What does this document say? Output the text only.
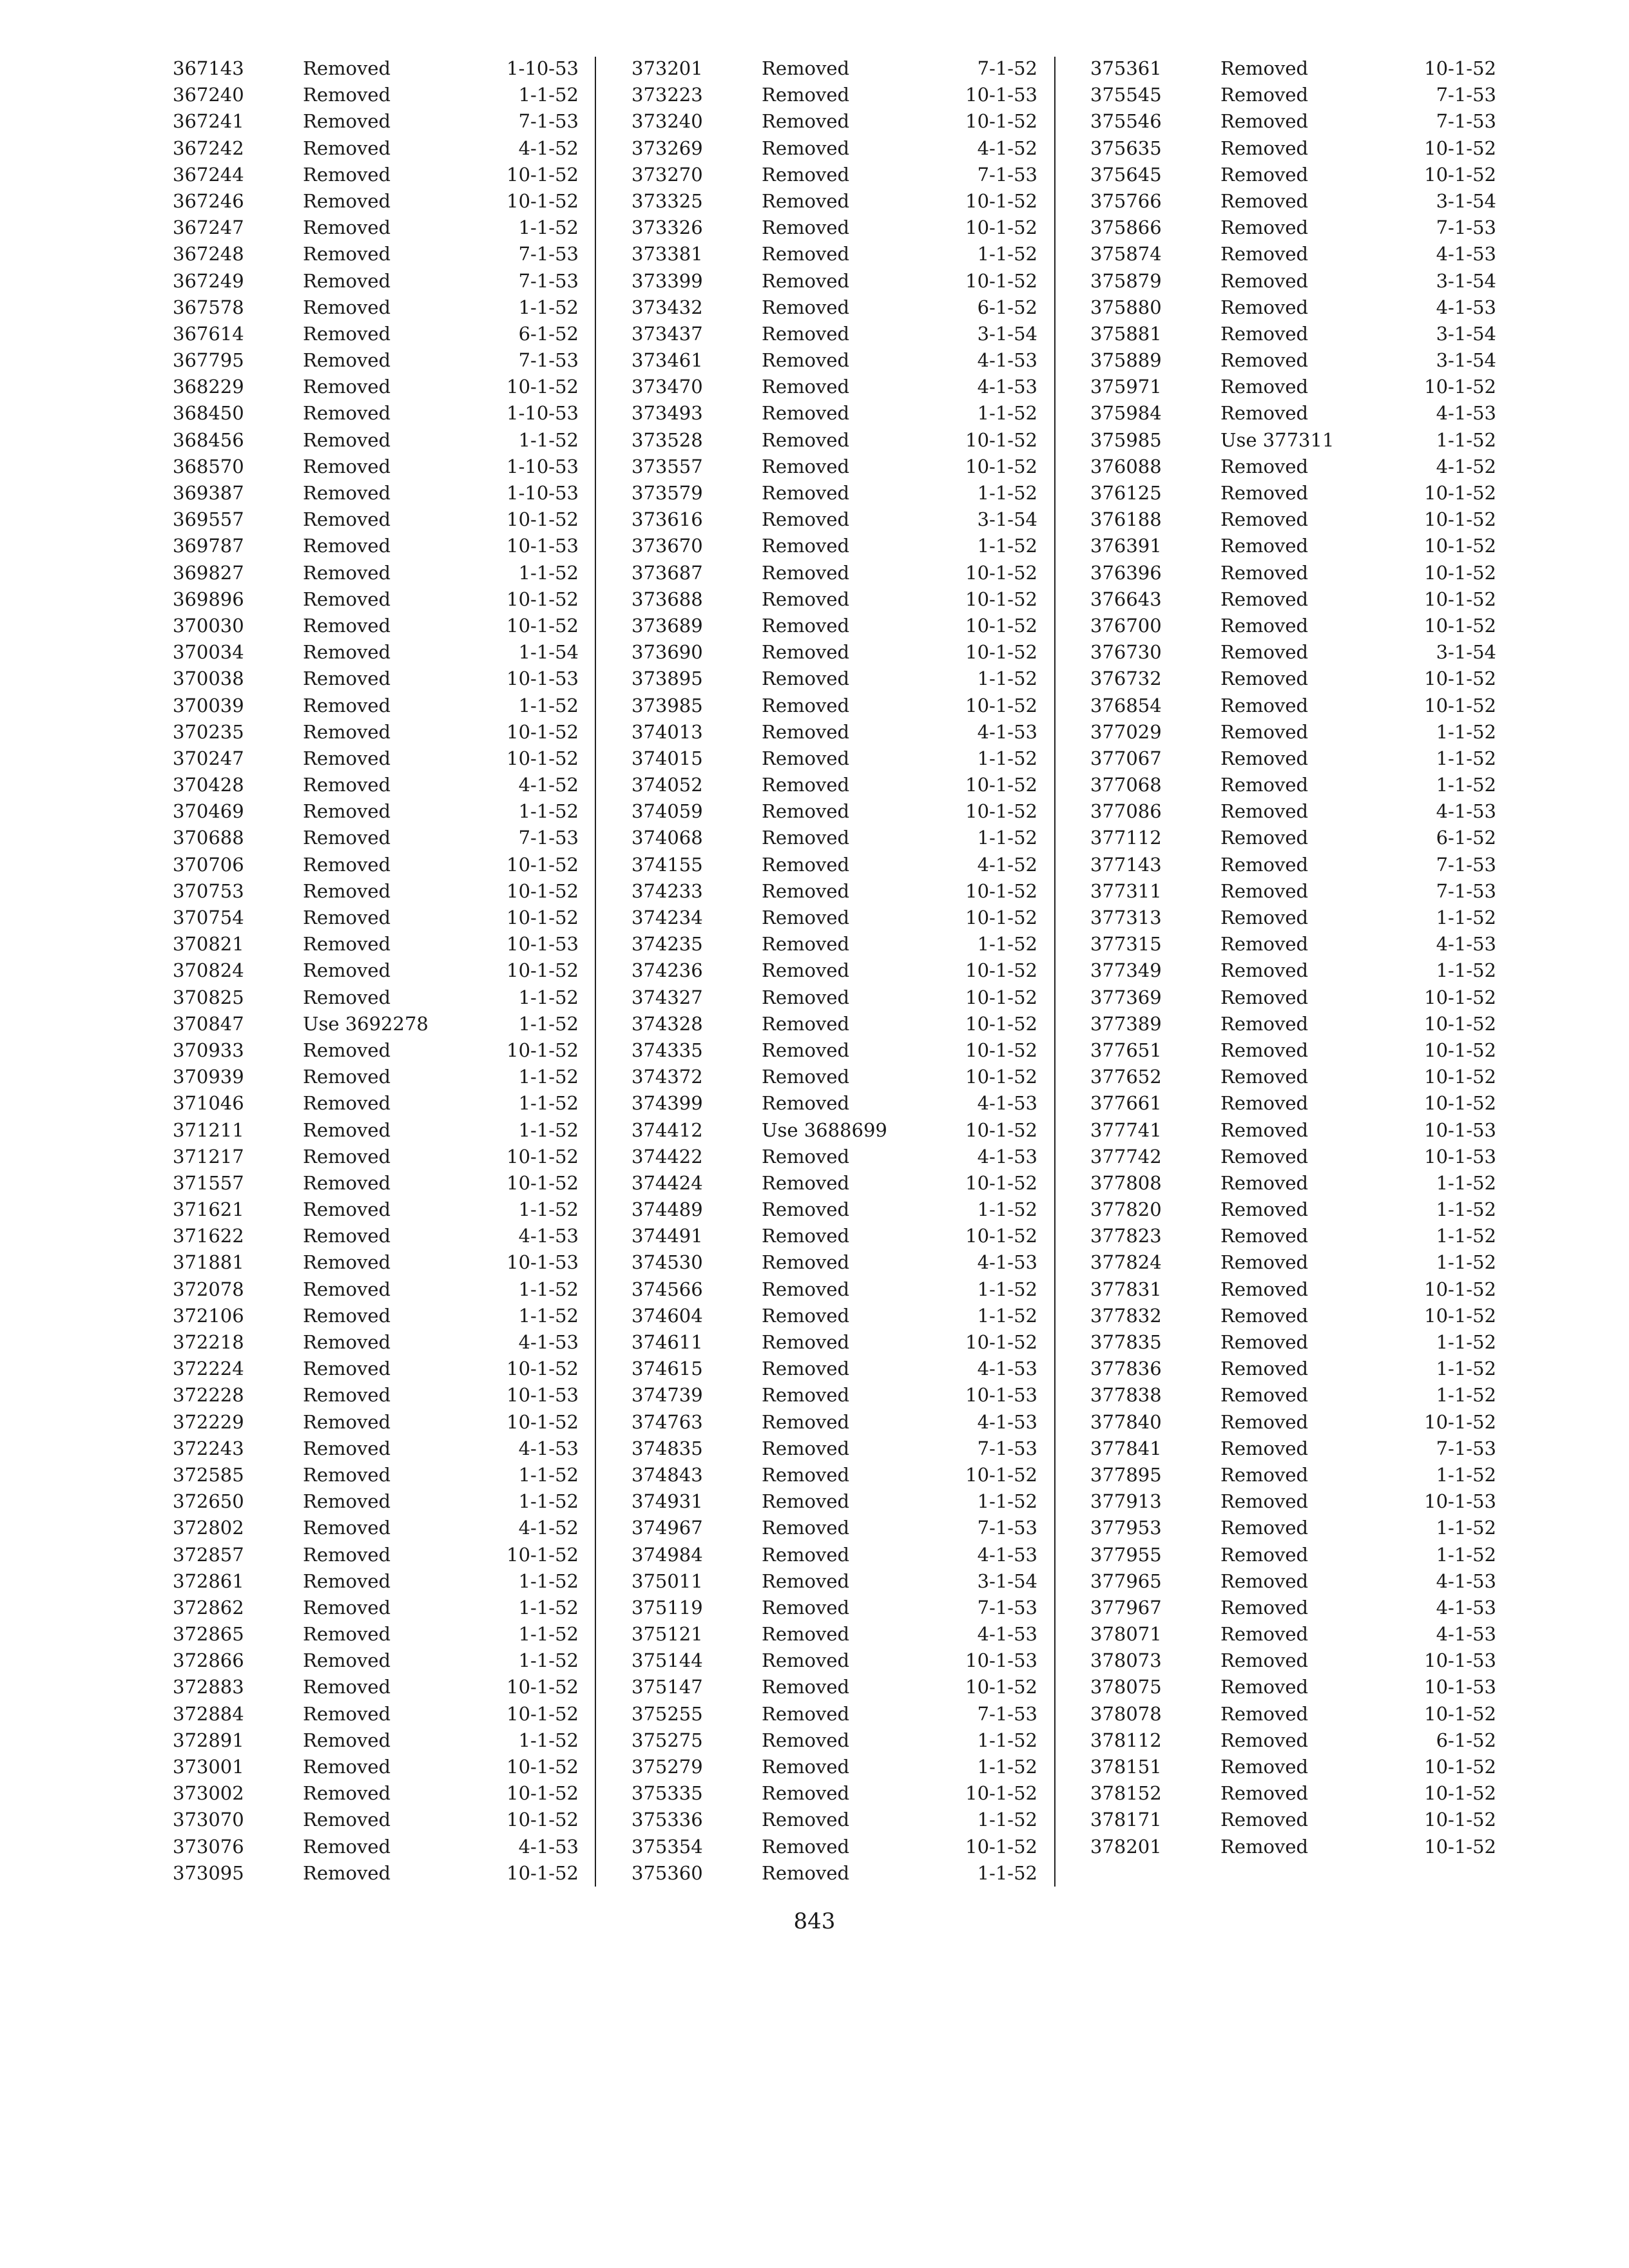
367143	Removed	1-10-53
367240	Removed	1-1-52
367241	Removed	7-1-53
367242	Removed	4-1-52
367244	Removed	10-1-52
367246	Removed	10-1-52
367247	Removed	1-1-52
367248	Removed	7-1-53
367249	Removed	7-1-53
367578	Removed	1-1-52
367614	Removed	6-1-52
367795	Removed	7-1-53
368229	Removed	10-1-52
368450	Removed	1-10-53
368456	Removed	1-1-52
368570	Removed	1-10-53
369387	Removed	1-10-53
369557	Removed	10-1-52
369787	Removed	10-1-53
369827	Removed	1-1-52
369896	Removed	10-1-52
370030	Removed	10-1-52
370034	Removed	1-1-54
370038	Removed	10-1-53
370039	Removed	1-1-52
370235	Removed	10-1-52
370247	Removed	10-1-52
370428	Removed	4-1-52
370469	Removed	1-1-52
370688	Removed	7-1-53
370706	Removed	10-1-52
370753	Removed	10-1-52
370754	Removed	10-1-52
370821	Removed	10-1-53
370824	Removed	10-1-52
370825	Removed	1-1-52
370847	Use 3692278	1-1-52
370933	Removed	10-1-52
370939	Removed	1-1-52
371046	Removed	1-1-52
371211	Removed	1-1-52
371217	Removed	10-1-52
371557	Removed	10-1-52
371621	Removed	1-1-52
371622	Removed	4-1-53
371881	Removed	10-1-53
372078	Removed	1-1-52
372106	Removed	1-1-52
372218	Removed	4-1-53
372224	Removed	10-1-52
372228	Removed	10-1-53
372229	Removed	10-1-52
372243	Removed	4-1-53
372585	Removed	1-1-52
372650	Removed	1-1-52
372802	Removed	4-1-52
372857	Removed	10-1-52
372861	Removed	1-1-52
372862	Removed	1-1-52
372865	Removed	1-1-52
372866	Removed	1-1-52
372883	Removed	10-1-52
372884	Removed	10-1-52
372891	Removed	1-1-52
373001	Removed	10-1-52
373002	Removed	10-1-52
373070	Removed	10-1-52
373076	Removed	4-1-53
373095	Removed	10-1-52
373201	Removed	7-1-52
373223	Removed	10-1-53
373240	Removed	10-1-52
373269	Removed	4-1-52
373270	Removed	7-1-53
373325	Removed	10-1-52
373326	Removed	10-1-52
373381	Removed	1-1-52
373399	Removed	10-1-52
373432	Removed	6-1-52
373437	Removed	3-1-54
373461	Removed	4-1-53
373470	Removed	4-1-53
373493	Removed	1-1-52
373528	Removed	10-1-52
373557	Removed	10-1-52
373579	Removed	1-1-52
373616	Removed	3-1-54
373670	Removed	1-1-52
373687	Removed	10-1-52
373688	Removed	10-1-52
373689	Removed	10-1-52
373690	Removed	10-1-52
373895	Removed	1-1-52
373985	Removed	10-1-52
374013	Removed	4-1-53
374015	Removed	1-1-52
374052	Removed	10-1-52
374059	Removed	10-1-52
374068	Removed	1-1-52
374155	Removed	4-1-52
374233	Removed	10-1-52
374234	Removed	10-1-52
374235	Removed	1-1-52
374236	Removed	10-1-52
374327	Removed	10-1-52
374328	Removed	10-1-52
374335	Removed	10-1-52
374372	Removed	10-1-52
374399	Removed	4-1-53
374412	Use 3688699	10-1-52
374422	Removed	4-1-53
374424	Removed	10-1-52
374489	Removed	1-1-52
374491	Removed	10-1-52
374530	Removed	4-1-53
374566	Removed	1-1-52
374604	Removed	1-1-52
374611	Removed	10-1-52
374615	Removed	4-1-53
374739	Removed	10-1-53
374763	Removed	4-1-53
374835	Removed	7-1-53
374843	Removed	10-1-52
374931	Removed	1-1-52
374967	Removed	7-1-53
374984	Removed	4-1-53
375011	Removed	3-1-54
375119	Removed	7-1-53
375121	Removed	4-1-53
375144	Removed	10-1-53
375147	Removed	10-1-52
375255	Removed	7-1-53
375275	Removed	1-1-52
375279	Removed	1-1-52
375335	Removed	10-1-52
375336	Removed	1-1-52
375354	Removed	10-1-52
375360	Removed	1-1-52
375361	Removed	10-1-52
375545	Removed	7-1-53
375546	Removed	7-1-53
375635	Removed	10-1-52
375645	Removed	10-1-52
375766	Removed	3-1-54
375866	Removed	7-1-53
375874	Removed	4-1-53
375879	Removed	3-1-54
375880	Removed	4-1-53
375881	Removed	3-1-54
375889	Removed	3-1-54
375971	Removed	10-1-52
375984	Removed	4-1-53
375985	Use 377311	1-1-52
376088	Removed	4-1-52
376125	Removed	10-1-52
376188	Removed	10-1-52
376391	Removed	10-1-52
376396	Removed	10-1-52
376643	Removed	10-1-52
376700	Removed	10-1-52
376730	Removed	3-1-54
376732	Removed	10-1-52
376854	Removed	10-1-52
377029	Removed	1-1-52
377067	Removed	1-1-52
377068	Removed	1-1-52
377086	Removed	4-1-53
377112	Removed	6-1-52
377143	Removed	7-1-53
377311	Removed	7-1-53
377313	Removed	1-1-52
377315	Removed	4-1-53
377349	Removed	1-1-52
377369	Removed	10-1-52
377389	Removed	10-1-52
377651	Removed	10-1-52
377652	Removed	10-1-52
377661	Removed	10-1-52
377741	Removed	10-1-53
377742	Removed	10-1-53
377808	Removed	1-1-52
377820	Removed	1-1-52
377823	Removed	1-1-52
377824	Removed	1-1-52
377831	Removed	10-1-52
377832	Removed	10-1-52
377835	Removed	1-1-52
377836	Removed	1-1-52
377838	Removed	1-1-52
377840	Removed	10-1-52
377841	Removed	7-1-53
377895	Removed	1-1-52
377913	Removed	10-1-53
377953	Removed	1-1-52
377955	Removed	1-1-52
377965	Removed	4-1-53
377967	Removed	4-1-53
378071	Removed	4-1-53
378073	Removed	10-1-53
378075	Removed	10-1-53
378078	Removed	10-1-52
378112	Removed	6-1-52
378151	Removed	10-1-52
378152	Removed	10-1-52
378171	Removed	10-1-52
378201	Removed	10-1-52
843
